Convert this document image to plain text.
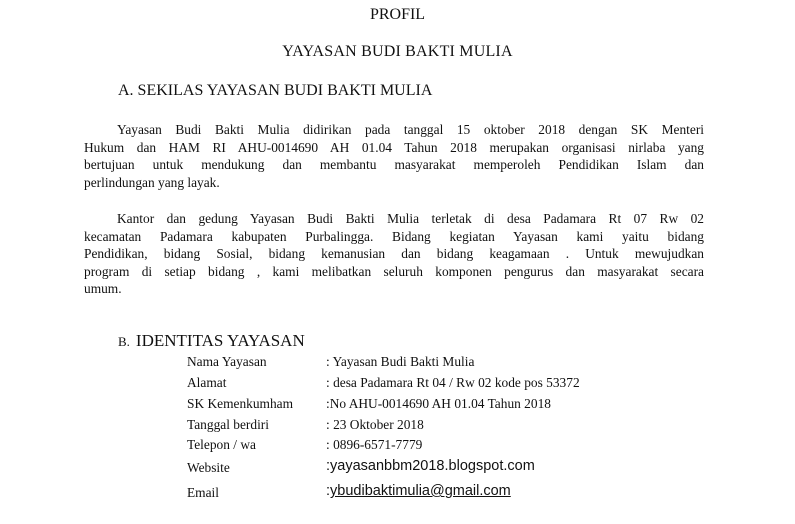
PROFIL
YAYASAN BUDI BAKTI MULIA
A. SEKILAS YAYASAN BUDI BAKTI MULIA
Yayasan Budi Bakti Mulia didirikan pada tanggal 15 oktober 2018 dengan SK Menteri
Hukum dan HAM RI AHU-0014690 AH 01.04 Tahun 2018 merupakan organisasi nirlaba yang
bertujuan untuk mendukung dan membantu masyarakat memperoleh Pendidikan Islam dan
perlindungan yang layak.
Kantor dan gedung Yayasan Budi Bakti Mulia terletak di desa Padamara Rt 07 Rw 02
kecamatan Padamara kabupaten Purbalingga. Bidang kegiatan Yayasan kami yaitu bidang
Pendidikan, bidang Sosial, bidang kemanusian dan bidang keagamaan . Untuk mewujudkan
program di setiap bidang , kami melibatkan seluruh komponen pengurus dan masyarakat secara
umum.
B. IDENTITAS YAYASAN
Nama Yayasan	: Yayasan Budi Bakti Mulia
Alamat	: desa Padamara Rt 04 / Rw 02 kode pos 53372
SK Kemenkumham :No AHU-0014690 AH 01.04 Tahun 2018
Tanggal berdiri	: 23 Oktober 2018
Telepon / wa	: 0896-6571-7779
Website	:yayasanbbm2018.blogspot.com
Email	:ybudibaktimulia@gmail.com
